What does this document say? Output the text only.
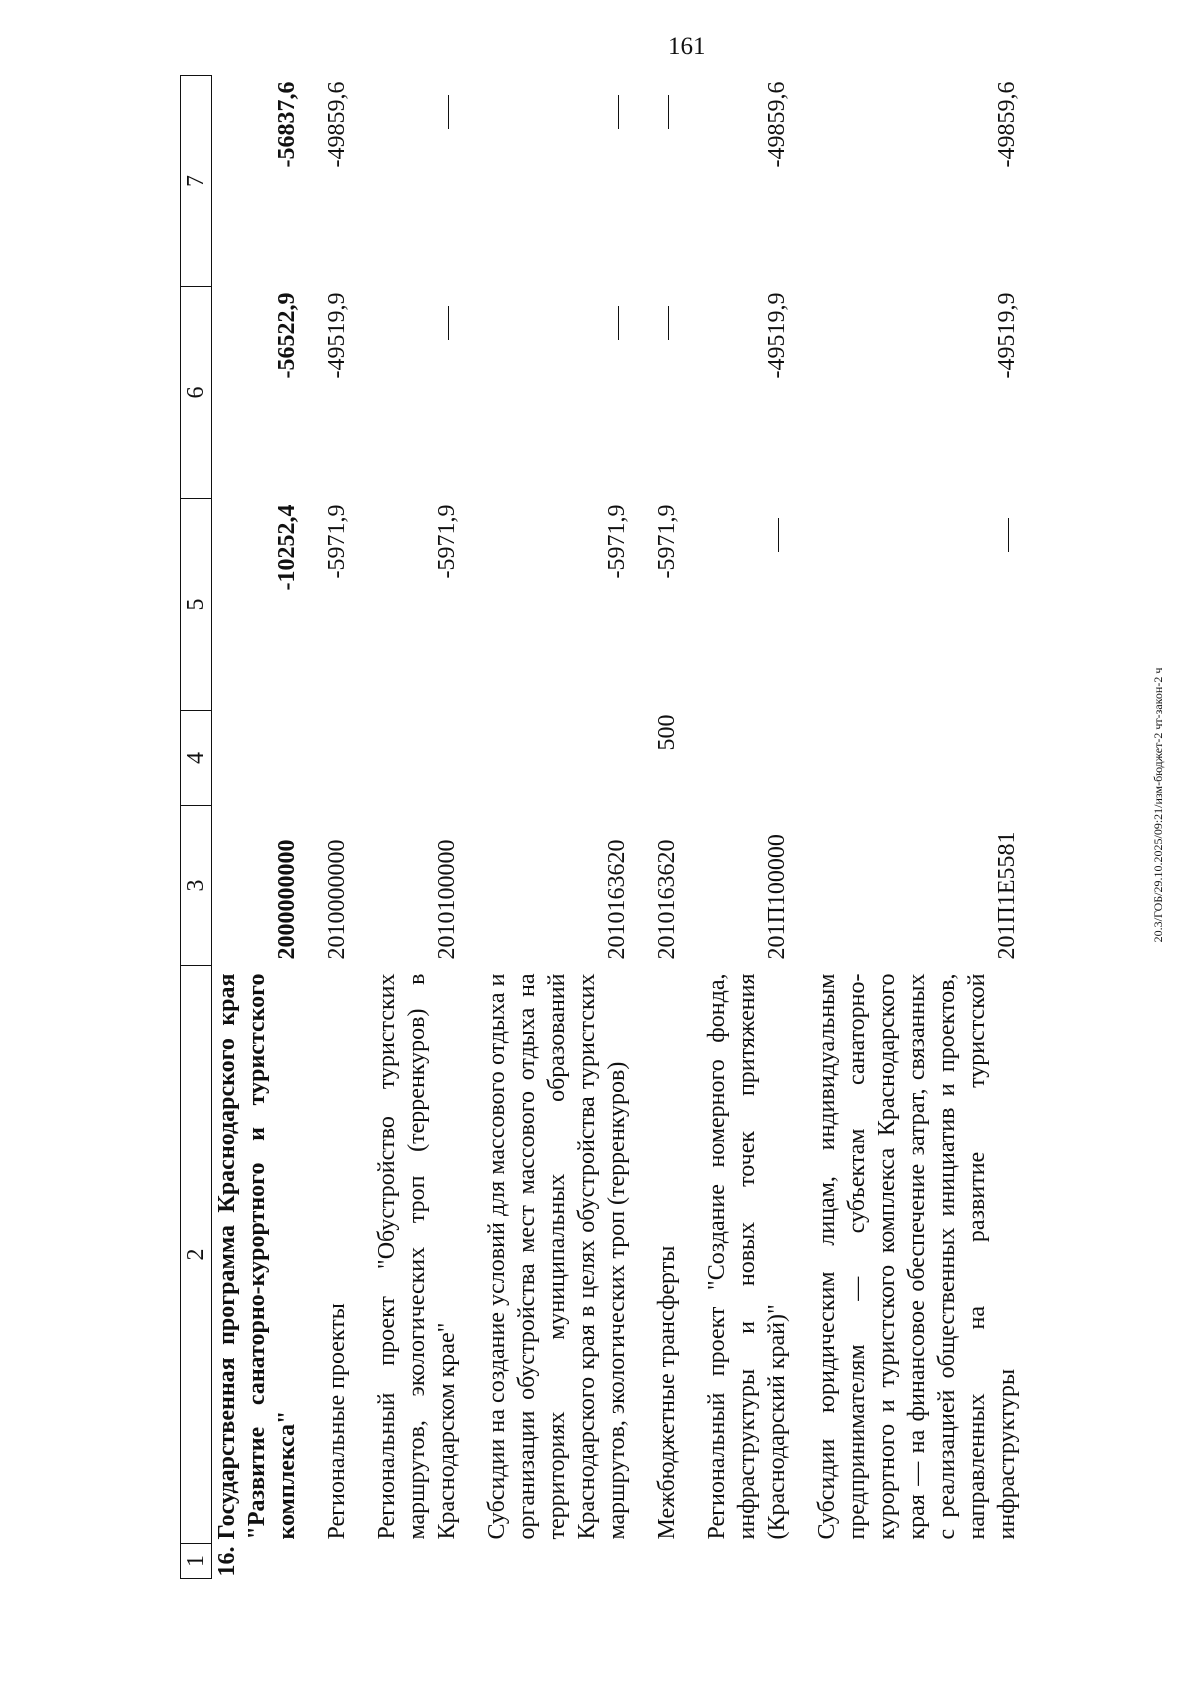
161
20.3/ГОБ/29.10.2025/09:21/изм-бюджет-2 чт-закон-2 ч
1	2	3	4	5	6	7
16.	Государственная программа Краснодарского края "Развитие санаторно-курортного и туристского комплекса"	2000000000		-10252,4	-56522,9	-56837,6

	Региональные проекты	2010000000		-5971,9	-49519,9	-49859,6

	Региональный проект "Обустройство туристских маршрутов, экологических троп (терренкуров) в Краснодарском крае"	2010100000		-5971,9		

	Субсидии на создание условий для массового отдыха и организации обустройства мест массового отдыха на территориях муниципальных образований Краснодарского края в целях обустройства туристских маршрутов, экологических троп (терренкуров)	2010163620		-5971,9		

	Межбюджетные трансферты	2010163620	500	-5971,9		

	Региональный проект "Создание номерного фонда, инфраструктуры и новых точек притяжения (Краснодарский край)"	201П100000			-49519,9	-49859,6

	Субсидии юридическим лицам, индивидуальным предпринимателям — субъектам санаторно-курортного и туристского комплекса Краснодарского края — на финансовое обеспечение затрат, связанных с реализацией общественных инициатив и проектов, направленных на развитие туристской инфраструктуры	201П1Е5581			-49519,9	-49859,6
